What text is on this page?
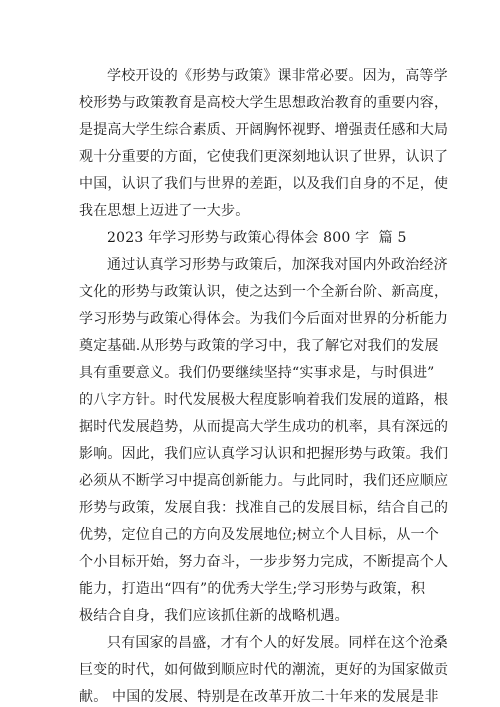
学校开设的《形势与政策》课非常必要。因为，高等学
校形势与政策教育是高校大学生思想政治教育的重要内容，
是提高大学生综合素质、开阔胸怀视野、增强责任感和大局
观十分重要的方面，它使我们更深刻地认识了世界，认识了
中国，认识了我们与世界的差距，以及我们自身的不足，使
我在思想上迈进了一大步。
2023 年学习形势与政策心得体会 800 字  篇 5
通过认真学习形势与政策后，加深我对国内外政治经济
文化的形势与政策认识，使之达到一个全新台阶、新高度，
学习形势与政策心得体会。为我们今后面对世界的分析能力
奠定基础.从形势与政策的学习中，我了解它对我们的发展
具有重要意义。我们仍要继续坚持“实事求是，与时俱进”
的八字方针。时代发展极大程度影响着我们发展的道路，根
据时代发展趋势，从而提高大学生成功的机率，具有深远的
影响。因此，我们应认真学习认识和把握形势与政策。我们
必须从不断学习中提高创新能力。与此同时，我们还应顺应
形势与政策，发展自我：找准自己的发展目标，结合自己的
优势，定位自己的方向及发展地位;树立个人目标，从一个
个小目标开始，努力奋斗，一步步努力完成，不断提高个人
能力，打造出“四有”的优秀大学生;学习形势与政策，积
极结合自身，我们应该抓住新的战略机遇。
只有国家的昌盛，才有个人的好发展。同样在这个沧桑
巨变的时代，如何做到顺应时代的潮流，更好的为国家做贡
献。 中国的发展、特别是在改革开放二十年来的发展是非
